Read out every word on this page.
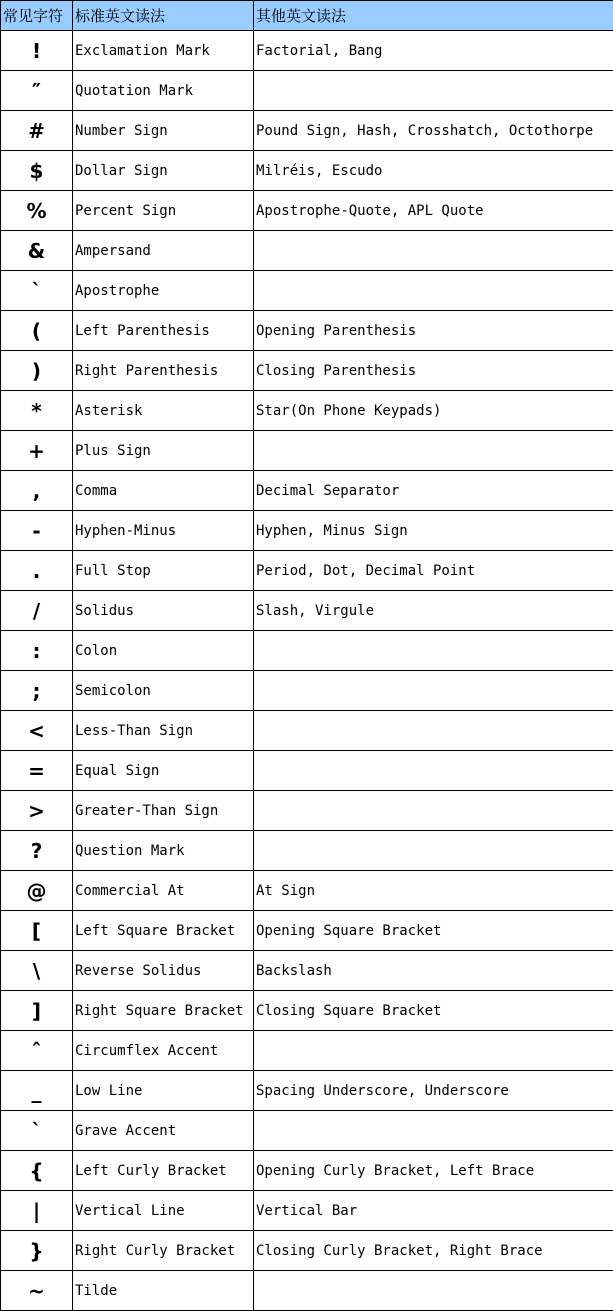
常见字符	标准英文读法	其他英文读法
!	Exclamation Mark	Factorial, Bang
″	Quotation Mark	
#	Number Sign	Pound Sign, Hash, Crosshatch, Octothorpe
$	Dollar Sign	Milréis, Escudo
%	Percent Sign	Apostrophe-Quote, APL Quote
&	Ampersand	
`	Apostrophe	
(	Left Parenthesis	Opening Parenthesis
)	Right Parenthesis	Closing Parenthesis
*	Asterisk	Star(On Phone Keypads)
+	Plus Sign	
,	Comma	Decimal Separator
-	Hyphen-Minus	Hyphen, Minus Sign
.	Full Stop	Period, Dot, Decimal Point
/	Solidus	Slash, Virgule
:	Colon	
;	Semicolon	
<	Less-Than Sign	
=	Equal Sign	
>	Greater-Than Sign	
?	Question Mark	
@	Commercial At	At Sign
[	Left Square Bracket	Opening Square Bracket
\	Reverse Solidus	Backslash
]	Right Square Bracket	Closing Square Bracket
ˆ	Circumflex Accent	
_	Low Line	Spacing Underscore, Underscore
`	Grave Accent	
{	Left Curly Bracket	Opening Curly Bracket, Left Brace
|	Vertical Line	Vertical Bar
}	Right Curly Bracket	Closing Curly Bracket, Right Brace
~	Tilde	
